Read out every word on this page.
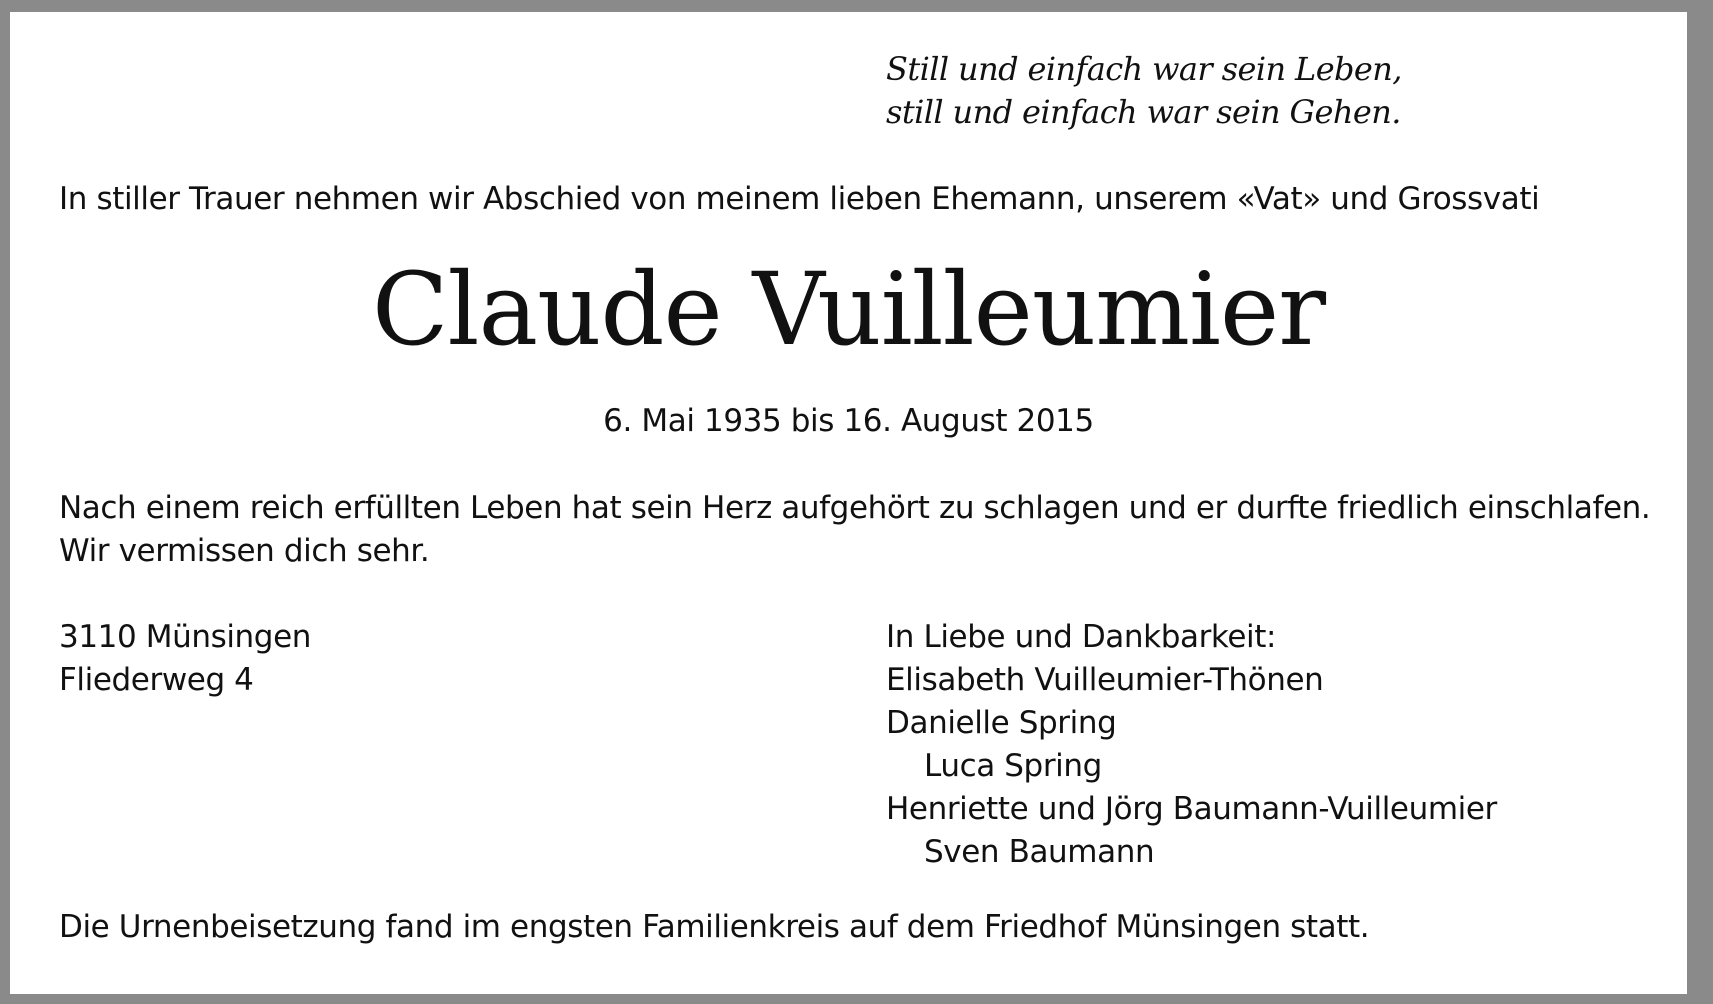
Still und einfach war sein Leben,
still und einfach war sein Gehen.
In stiller Trauer nehmen wir Abschied von meinem lieben Ehemann, unserem «Vat» und Grossvati
Claude Vuilleumier
6. Mai 1935 bis 16. August 2015
Nach einem reich erfüllten Leben hat sein Herz aufgehört zu schlagen und er durfte friedlich einschlafen.
Wir vermissen dich sehr.
3110 Münsingen
Fliederweg 4
In Liebe und Dankbarkeit:
Elisabeth Vuilleumier-Thönen
Danielle Spring
Luca Spring
Henriette und Jörg Baumann-Vuilleumier
Sven Baumann
Die Urnenbeisetzung fand im engsten Familienkreis auf dem Friedhof Münsingen statt.
